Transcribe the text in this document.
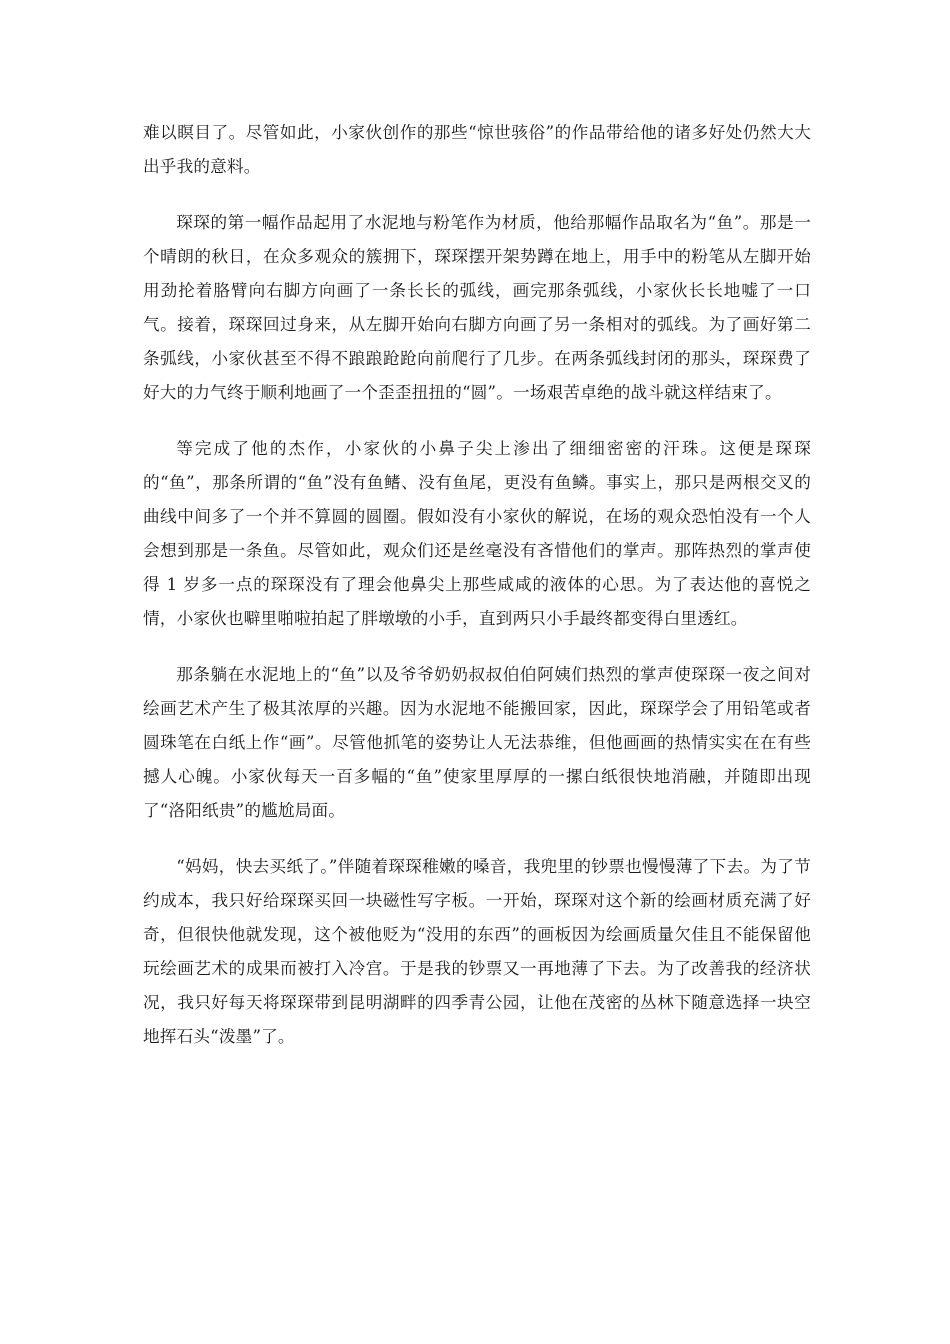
难以瞑目了。尽管如此，小家伙创作的那些“惊世骇俗”的作品带给他的诸多好处仍然大大出乎我的意料。

琛琛的第一幅作品起用了水泥地与粉笔作为材质，他给那幅作品取名为“鱼”。那是一个晴朗的秋日，在众多观众的簇拥下，琛琛摆开架势蹲在地上，用手中的粉笔从左脚开始用劲抡着胳臂向右脚方向画了一条长长的弧线，画完那条弧线，小家伙长长地嘘了一口气。接着，琛琛回过身来，从左脚开始向右脚方向画了另一条相对的弧线。为了画好第二条弧线，小家伙甚至不得不踉踉跄跄向前爬行了几步。在两条弧线封闭的那头，琛琛费了好大的力气终于顺利地画了一个歪歪扭扭的“圆”。一场艰苦卓绝的战斗就这样结束了。

等完成了他的杰作，小家伙的小鼻子尖上渗出了细细密密的汗珠。这便是琛琛的“鱼”，那条所谓的“鱼”没有鱼鳍、没有鱼尾，更没有鱼鳞。事实上，那只是两根交叉的曲线中间多了一个并不算圆的圆圈。假如没有小家伙的解说，在场的观众恐怕没有一个人会想到那是一条鱼。尽管如此，观众们还是丝毫没有吝惜他们的掌声。那阵热烈的掌声使得 1 岁多一点的琛琛没有了理会他鼻尖上那些咸咸的液体的心思。为了表达他的喜悦之情，小家伙也噼里啪啦拍起了胖墩墩的小手，直到两只小手最终都变得白里透红。

那条躺在水泥地上的“鱼”以及爷爷奶奶叔叔伯伯阿姨们热烈的掌声使琛琛一夜之间对绘画艺术产生了极其浓厚的兴趣。因为水泥地不能搬回家，因此，琛琛学会了用铅笔或者圆珠笔在白纸上作“画”。尽管他抓笔的姿势让人无法恭维，但他画画的热情实实在在有些撼人心魄。小家伙每天一百多幅的“鱼”使家里厚厚的一摞白纸很快地消融，并随即出现了“洛阳纸贵”的尴尬局面。

“妈妈，快去买纸了。”伴随着琛琛稚嫩的嗓音，我兜里的钞票也慢慢薄了下去。为了节约成本，我只好给琛琛买回一块磁性写字板。一开始，琛琛对这个新的绘画材质充满了好奇，但很快他就发现，这个被他贬为“没用的东西”的画板因为绘画质量欠佳且不能保留他玩绘画艺术的成果而被打入冷宫。于是我的钞票又一再地薄了下去。为了改善我的经济状况，我只好每天将琛琛带到昆明湖畔的四季青公园，让他在茂密的丛林下随意选择一块空地挥石头“泼墨”了。
